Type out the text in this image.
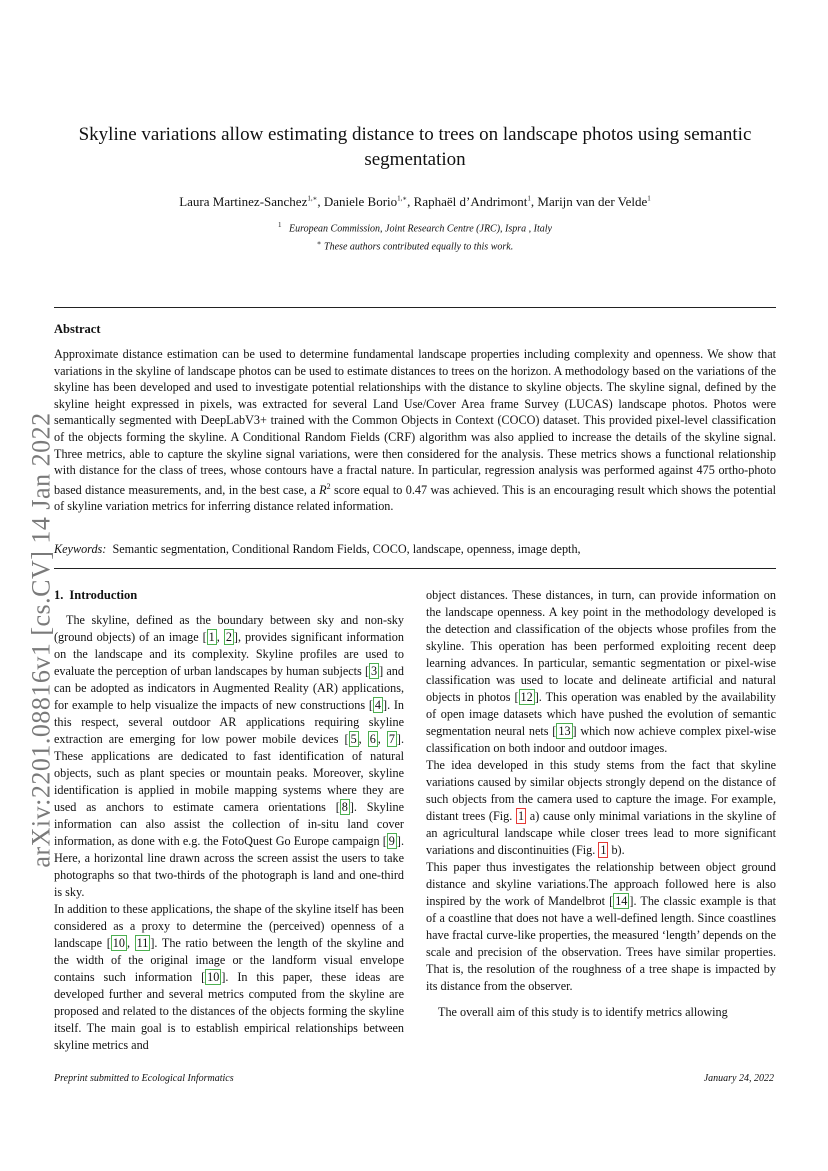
arXiv:2201.08816v1 [cs.CV] 14 Jan 2022
Skyline variations allow estimating distance to trees on landscape photos using semantic segmentation
Laura Martinez-Sanchez$^{1,∗}$, Daniele Borio$^{1,∗}$, Raphaël d’Andrimont$^1$, Marijn van der Velde$^1$
$^1$ European Commission, Joint Research Centre (JRC), Ispra , Italy
∗ These authors contributed equally to this work.
Abstract

Approximate distance estimation can be used to determine fundamental landscape properties including complexity and openness. We show that variations in the skyline of landscape photos can be used to estimate distances to trees on the horizon. A methodology based on the variations of the skyline has been developed and used to investigate potential relationships with the distance to skyline objects. The skyline signal, defined by the skyline height expressed in pixels, was extracted for several Land Use/Cover Area frame Survey (LUCAS) landscape photos. Photos were semantically segmented with DeepLabV3+ trained with the Common Objects in Context (COCO) dataset. This provided pixel-level classification of the objects forming the skyline. A Conditional Random Fields (CRF) algorithm was also applied to increase the details of the skyline signal. Three metrics, able to capture the skyline signal variations, were then considered for the analysis. These metrics shows a functional relationship with distance for the class of trees, whose contours have a fractal nature. In particular, regression analysis was performed against 475 ortho-photo based distance measurements, and, in the best case, a $R^2$ score equal to 0.47 was achieved. This is an encouraging result which shows the potential of skyline variation metrics for inferring distance related information.

Keywords: Semantic segmentation, Conditional Random Fields, COCO, landscape, openness, image depth,
1. Introduction

The skyline, defined as the boundary between sky and non-sky (ground objects) of an image [ 1 , 2 ], provides significant information on the landscape and its complexity. Skyline profiles are used to evaluate the perception of urban landscapes by human subjects [ 3 ] and can be adopted as indicators in Augmented Reality (AR) applications, for example to help visualize the impacts of new constructions [ 4 ]. In this respect, several outdoor AR applications requiring skyline extraction are emerging for low power mobile devices [ 5 , 6 , 7 ]. These applications are dedicated to fast identification of natural objects, such as plant species or mountain peaks. Moreover, skyline identification is applied in mobile mapping systems where they are used as anchors to estimate camera orientations [ 8 ]. Skyline information can also assist the collection of in-situ land cover information, as done with e.g. the FotoQuest Go Europe campaign [ 9 ]. Here, a horizontal line drawn across the screen assist the users to take photographs so that two-thirds of the photograph is land and one-third is sky.

In addition to these applications, the shape of the skyline itself has been considered as a proxy to determine the (perceived) openness of a landscape [ 10 , 11 ]. The ratio between the length of the skyline and the width of the original image or the landform visual envelope contains such information [ 10 ]. In this paper, these ideas are developed further and several metrics computed from the skyline are proposed and related to the distances of the objects forming the skyline itself. The main goal is to establish empirical relationships between skyline metrics and

object distances. These distances, in turn, can provide information on the landscape openness. A key point in the methodology developed is the detection and classification of the objects whose profiles from the skyline. This operation has been performed exploiting recent deep learning advances. In particular, semantic segmentation or pixel-wise classification was used to locate and delineate artificial and natural objects in photos [ 12 ]. This operation was enabled by the availability of open image datasets which have pushed the evolution of semantic segmentation neural nets [ 13 ] which now achieve complex pixel-wise classification on both indoor and outdoor images.

The idea developed in this study stems from the fact that skyline variations caused by similar objects strongly depend on the distance of such objects from the camera used to capture the image. For example, distant trees (Fig. 1 a) cause only minimal variations in the skyline of an agricultural landscape while closer trees lead to more significant variations and discontinuities (Fig. 1 b).

This paper thus investigates the relationship between object ground distance and skyline variations.The approach followed here is also inspired by the work of Mandelbrot [ 14 ]. The classic example is that of a coastline that does not have a well-defined length. Since coastlines have fractal curve-like properties, the measured ‘length’ depends on the scale and precision of the observation. Trees have similar properties. That is, the resolution of the roughness of a tree shape is impacted by its distance from the observer.

The overall aim of this study is to identify metrics allowing

Preprint submitted to Ecological Informatics	January 24, 2022
